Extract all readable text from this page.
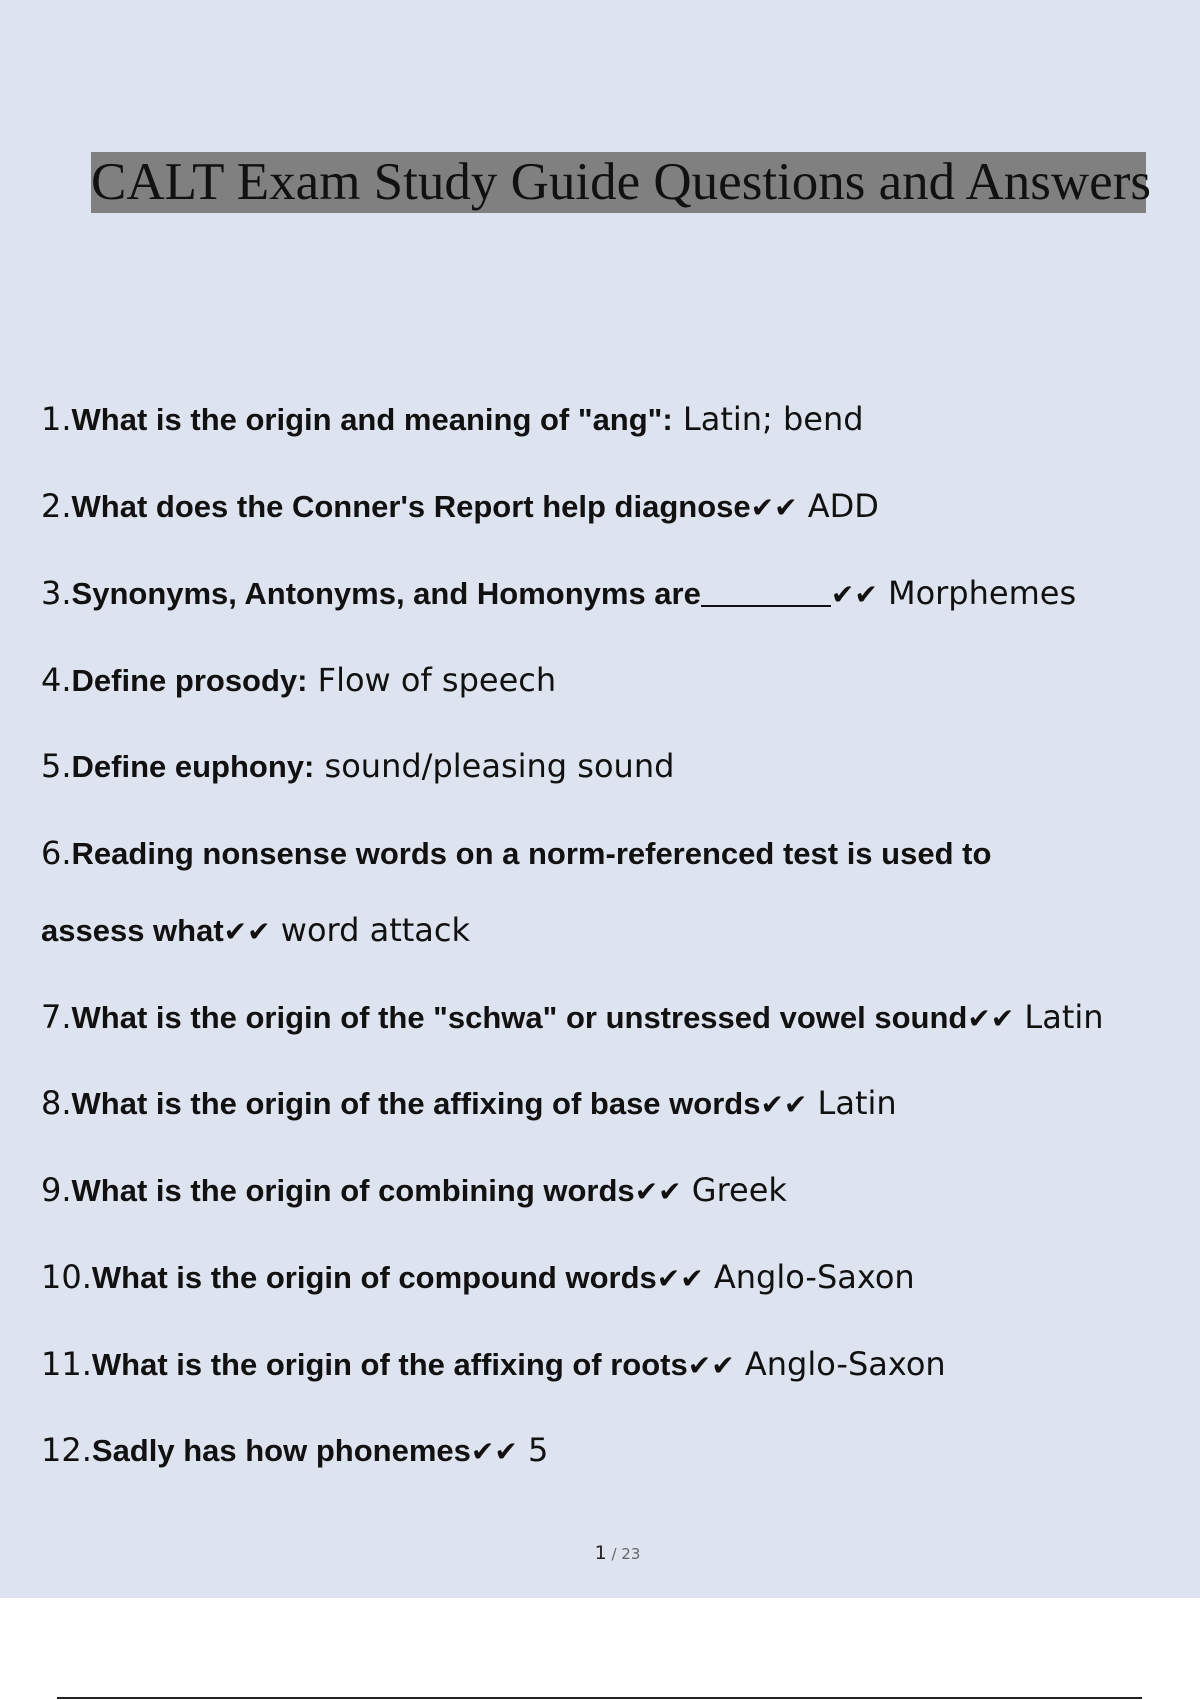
CALT Exam Study Guide Questions and Answers
1.What is the origin and meaning of "ang": Latin; bend
2.What does the Conner's Report help diagnose✔✔ ADD
3.Synonyms, Antonyms, and Homonyms are	✔✔ Morphemes
4.Define prosody: Flow of speech
5.Define euphony: sound/pleasing sound
6.Reading nonsense words on a norm-referenced test is used to
assess what✔✔ word attack
7.What is the origin of the "schwa" or unstressed vowel sound✔✔ Latin
8.What is the origin of the affixing of base words✔✔ Latin
9.What is the origin of combining words✔✔ Greek
10.What is the origin of compound words✔✔ Anglo-Saxon
11.What is the origin of the affixing of roots✔✔ Anglo-Saxon
12.Sadly has how phonemes✔✔ 5
1 / 23
